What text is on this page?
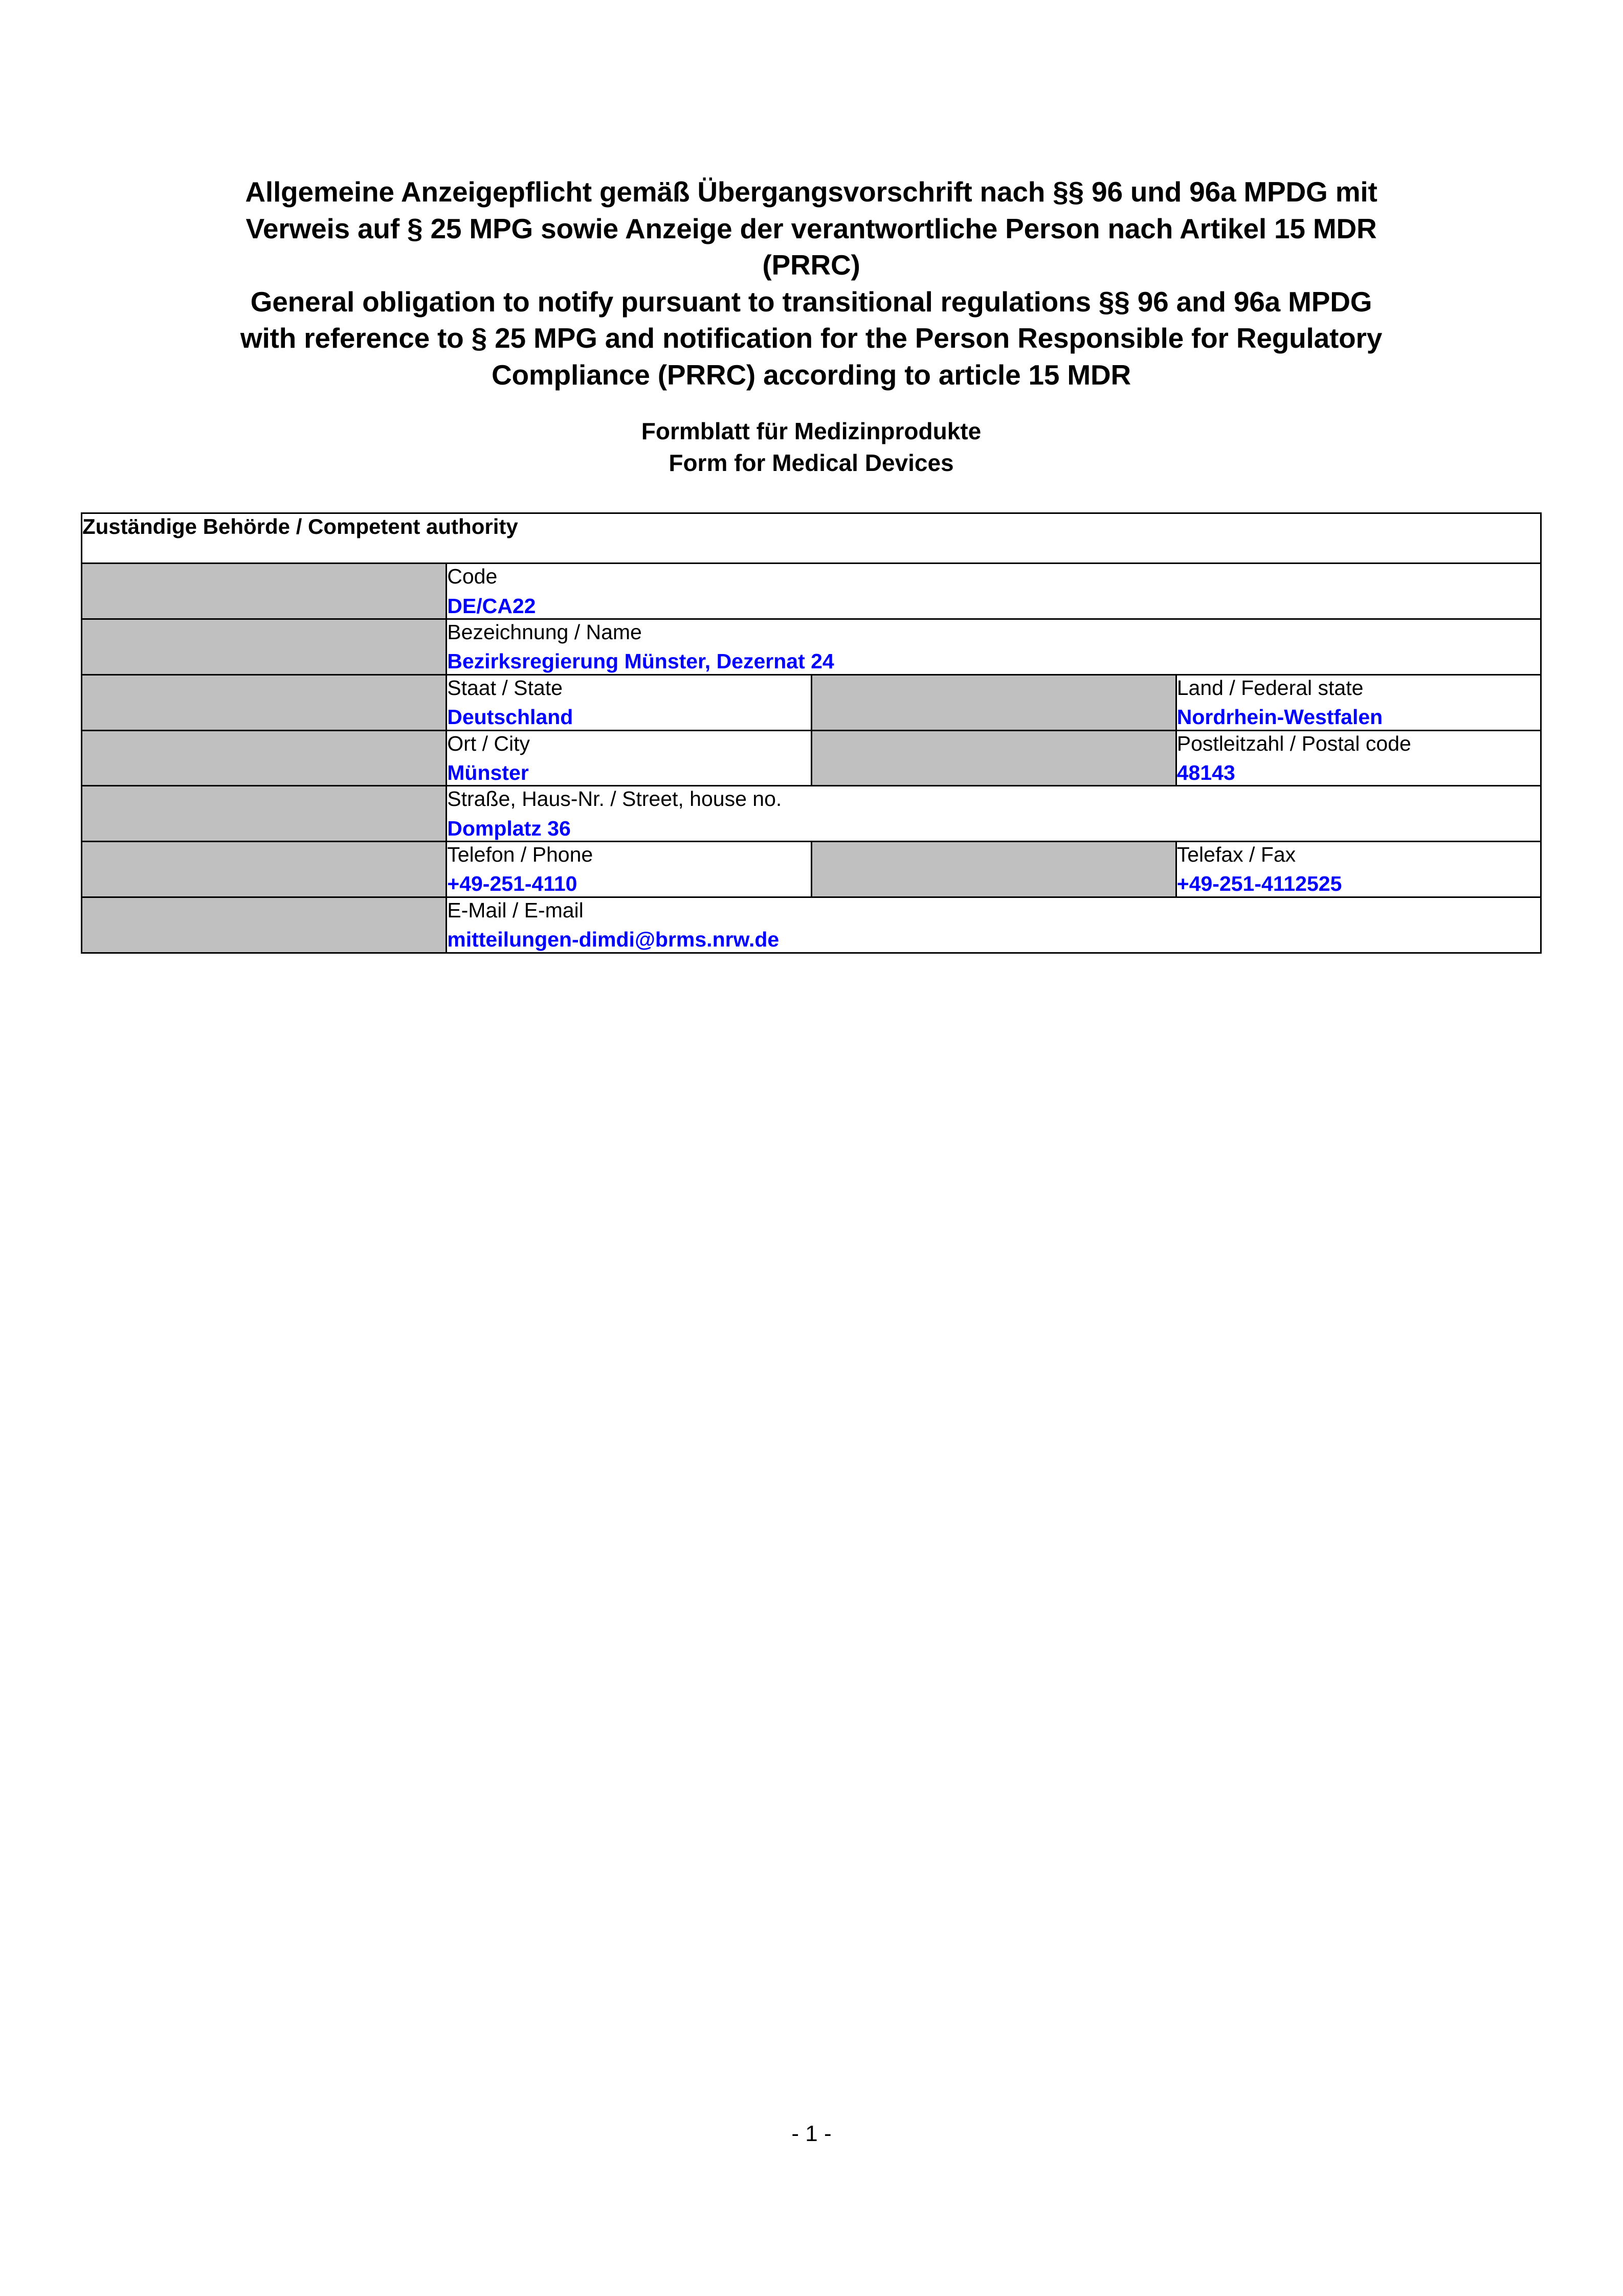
Allgemeine Anzeigepflicht gemäß Übergangsvorschrift nach §§ 96 und 96a MPDG mit
Verweis auf § 25 MPG sowie Anzeige der verantwortliche Person nach Artikel 15 MDR
(PRRC)
General obligation to notify pursuant to transitional regulations §§ 96 and 96a MPDG
with reference to § 25 MPG and notification for the Person Responsible for Regulatory
Compliance (PRRC) according to article 15 MDR
Formblatt für Medizinprodukte
Form for Medical Devices
Zuständige Behörde / Competent authority			

	Code
DE/CA22		

	Bezeichnung / Name
Bezirksregierung Münster, Dezernat 24		

Staat / State
Deutschland

Land / Federal state
Nordrhein-Westfalen

Ort / City
Münster

Postleitzahl / Postal code
48143

	Straße, Haus-Nr. / Street, house no.
Domplatz 36		

Telefon / Phone
+49-251-4110

Telefax / Fax
+49-251-4112525

	E-Mail / E-mail
mitteilungen-dimdi@brms.nrw.de		
- 1 -
